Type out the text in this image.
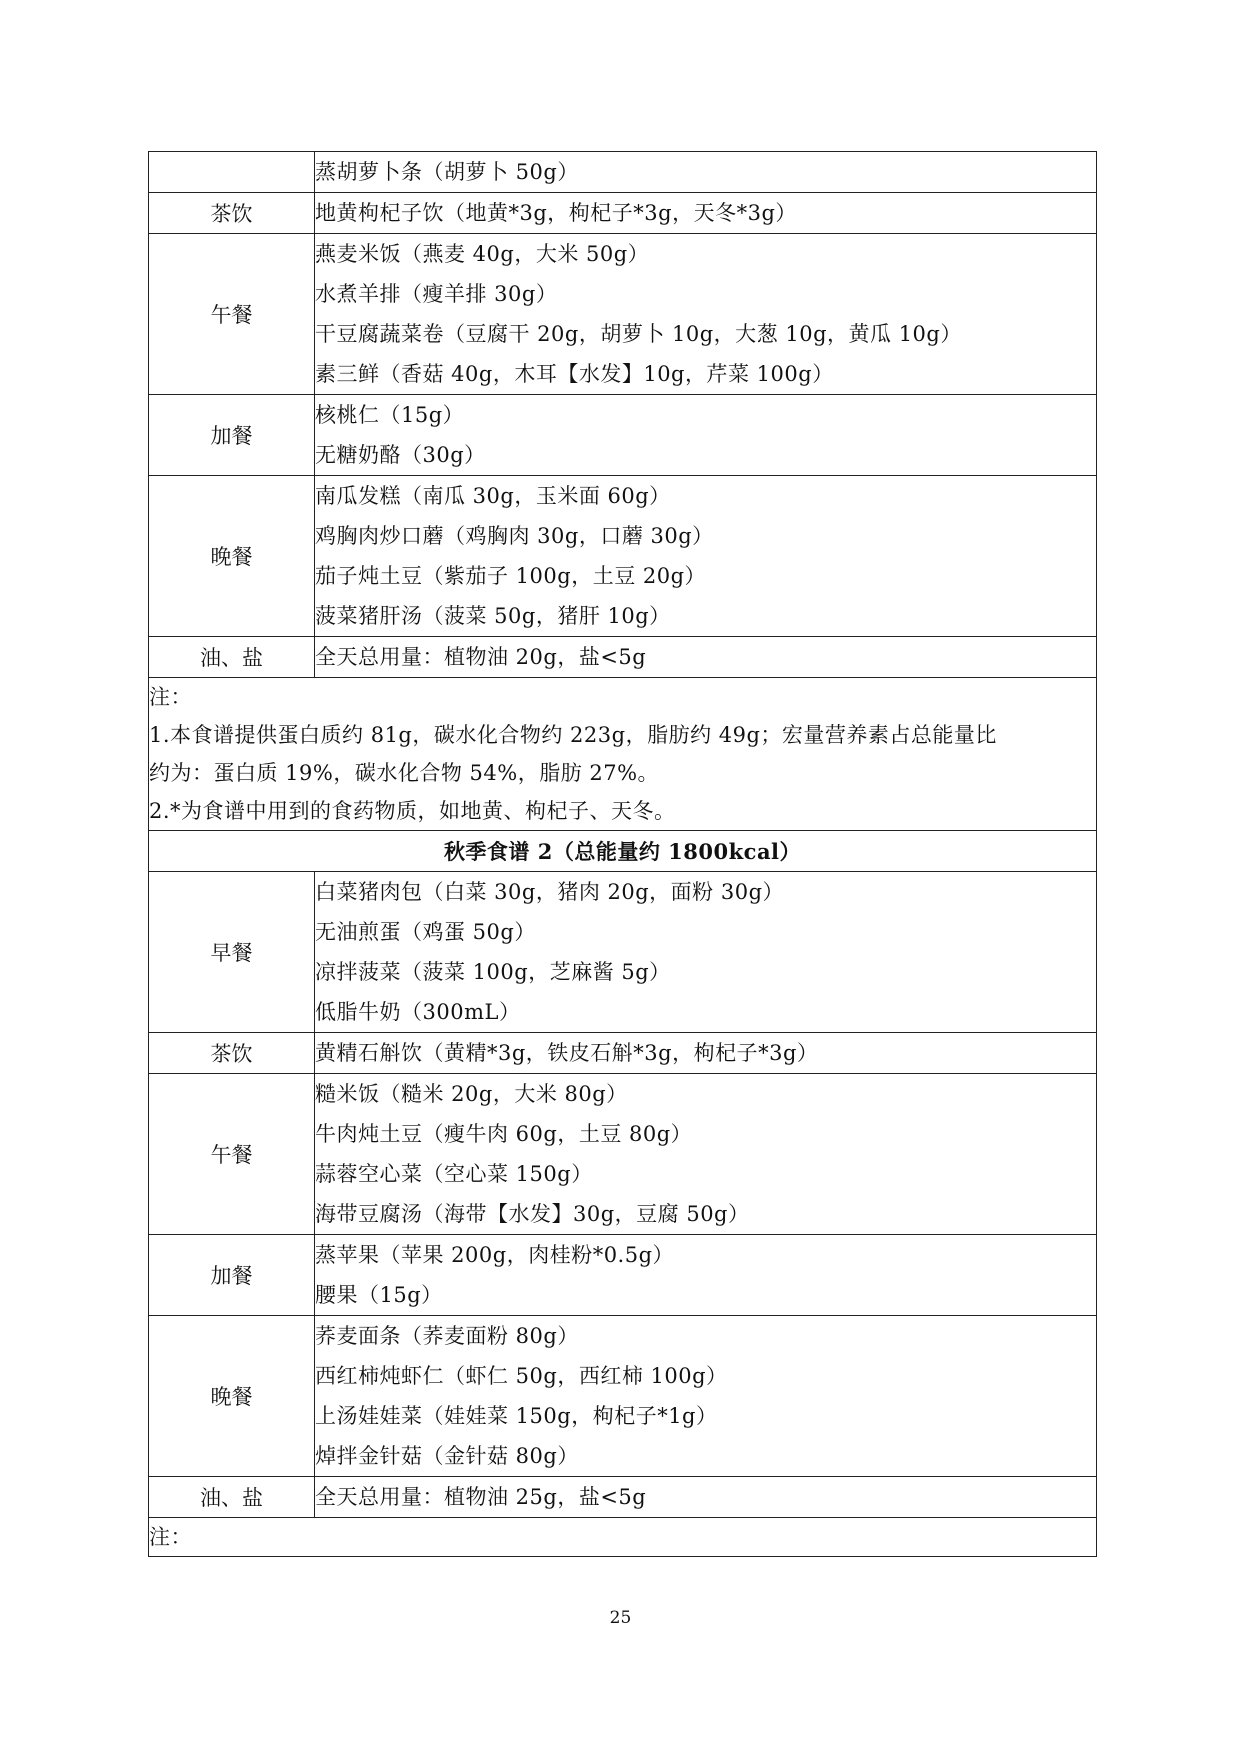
	蒸胡萝卜条（胡萝卜 50g）

茶饮	地黄枸杞子饮（地黄*3g，枸杞子*3g，天冬*3g）

午餐	燕麦米饭（燕麦 40g，大米 50g）
水煮羊排（瘦羊排 30g）
干豆腐蔬菜卷（豆腐干 20g，胡萝卜 10g，大葱 10g，黄瓜 10g）
素三鲜（香菇 40g，木耳【水发】10g，芹菜 100g）

加餐	核桃仁（15g）
无糖奶酪（30g）

晚餐	南瓜发糕（南瓜 30g，玉米面 60g）
鸡胸肉炒口蘑（鸡胸肉 30g，口蘑 30g）
茄子炖土豆（紫茄子 100g，土豆 20g）
菠菜猪肝汤（菠菜 50g，猪肝 10g）

油、盐	全天总用量：植物油 20g，盐<5g

注：
1.本食谱提供蛋白质约 81g，碳水化合物约 223g，脂肪约 49g；宏量营养素占总能量比
约为：蛋白质 19%，碳水化合物 54%，脂肪 27%。
2.*为食谱中用到的食药物质，如地黄、枸杞子、天冬。	

秋季食谱 2（总能量约 1800kcal）	
早餐	白菜猪肉包（白菜 30g，猪肉 20g，面粉 30g）
无油煎蛋（鸡蛋 50g）
凉拌菠菜（菠菜 100g，芝麻酱 5g）
低脂牛奶（300mL）

茶饮	黄精石斛饮（黄精*3g，铁皮石斛*3g，枸杞子*3g）

午餐	糙米饭（糙米 20g，大米 80g）
牛肉炖土豆（瘦牛肉 60g，土豆 80g）
蒜蓉空心菜（空心菜 150g）
海带豆腐汤（海带【水发】30g，豆腐 50g）

加餐	蒸苹果（苹果 200g，肉桂粉*0.5g）
腰果（15g）

晚餐	荞麦面条（荞麦面粉 80g）
西红柿炖虾仁（虾仁 50g，西红柿 100g）
上汤娃娃菜（娃娃菜 150g，枸杞子*1g）
焯拌金针菇（金针菇 80g）

油、盐	全天总用量：植物油 25g，盐<5g

注：	
25
